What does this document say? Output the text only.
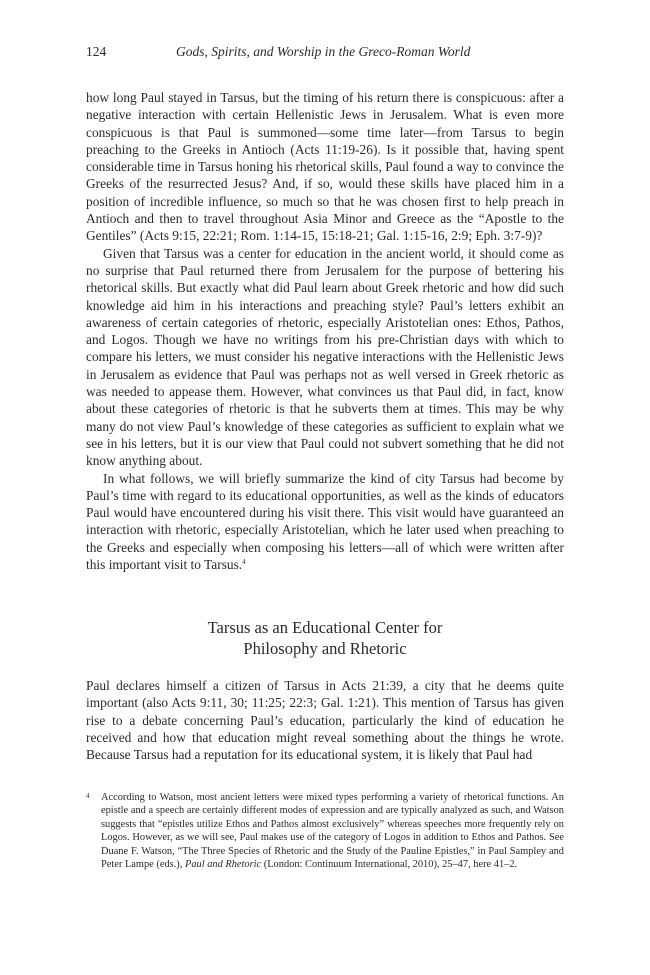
124	Gods, Spirits, and Worship in the Greco-Roman World

how long Paul stayed in Tarsus, but the timing of his return there is conspicuous: after a negative interaction with certain Hellenistic Jews in Jerusalem. What is even more conspicuous is that Paul is summoned—some time later—from Tarsus to begin preaching to the Greeks in Antioch (Acts 11:19-26). Is it possible that, having spent considerable time in Tarsus honing his rhetorical skills, Paul found a way to convince the Greeks of the resurrected Jesus? And, if so, would these skills have placed him in a position of incredible influence, so much so that he was chosen first to help preach in Antioch and then to travel throughout Asia Minor and Greece as the “Apostle to the Gentiles” (Acts 9:15, 22:21; Rom. 1:14-15, 15:18-21; Gal. 1:15-16, 2:9; Eph. 3:7-9)?

Given that Tarsus was a center for education in the ancient world, it should come as no surprise that Paul returned there from Jerusalem for the purpose of bettering his rhetorical skills. But exactly what did Paul learn about Greek rhetoric and how did such knowledge aid him in his interactions and preaching style? Paul’s letters exhibit an awareness of certain categories of rhetoric, especially Aristotelian ones: Ethos, Pathos, and Logos. Though we have no writings from his pre-Christian days with which to compare his letters, we must consider his negative interactions with the Hellenistic Jews in Jerusalem as evidence that Paul was perhaps not as well versed in Greek rhetoric as was needed to appease them. However, what convinces us that Paul did, in fact, know about these categories of rhetoric is that he subverts them at times. This may be why many do not view Paul’s knowledge of these categories as sufficient to explain what we see in his letters, but it is our view that Paul could not subvert something that he did not know anything about.

In what follows, we will briefly summarize the kind of city Tarsus had become by Paul’s time with regard to its educational opportunities, as well as the kinds of educators Paul would have encountered during his visit there. This visit would have guaranteed an interaction with rhetoric, especially Aristotelian, which he later used when preaching to the Greeks and especially when composing his letters—all of which were written after this important visit to Tarsus.$^4$

Tarsus as an Educational Center for
Philosophy and Rhetoric

Paul declares himself a citizen of Tarsus in Acts 21:39, a city that he deems quite important (also Acts 9:11, 30; 11:25; 22:3; Gal. 1:21). This mention of Tarsus has given rise to a debate concerning Paul’s education, particularly the kind of education he received and how that education might reveal something about the things he wrote. Because Tarsus had a reputation for its educational system, it is likely that Paul had

4 According to Watson, most ancient letters were mixed types performing a variety of rhetorical functions. An epistle and a speech are certainly different modes of expression and are typically analyzed as such, and Watson suggests that “epistles utilize Ethos and Pathos almost exclusively” whereas speeches more frequently rely on Logos. However, as we will see, Paul makes use of the category of Logos in addition to Ethos and Pathos. See Duane F. Watson, “The Three Species of Rhetoric and the Study of the Pauline Epistles,” in Paul Sampley and Peter Lampe (eds.), Paul and Rhetoric (London: Continuum International, 2010), 25–47, here 41–2.
